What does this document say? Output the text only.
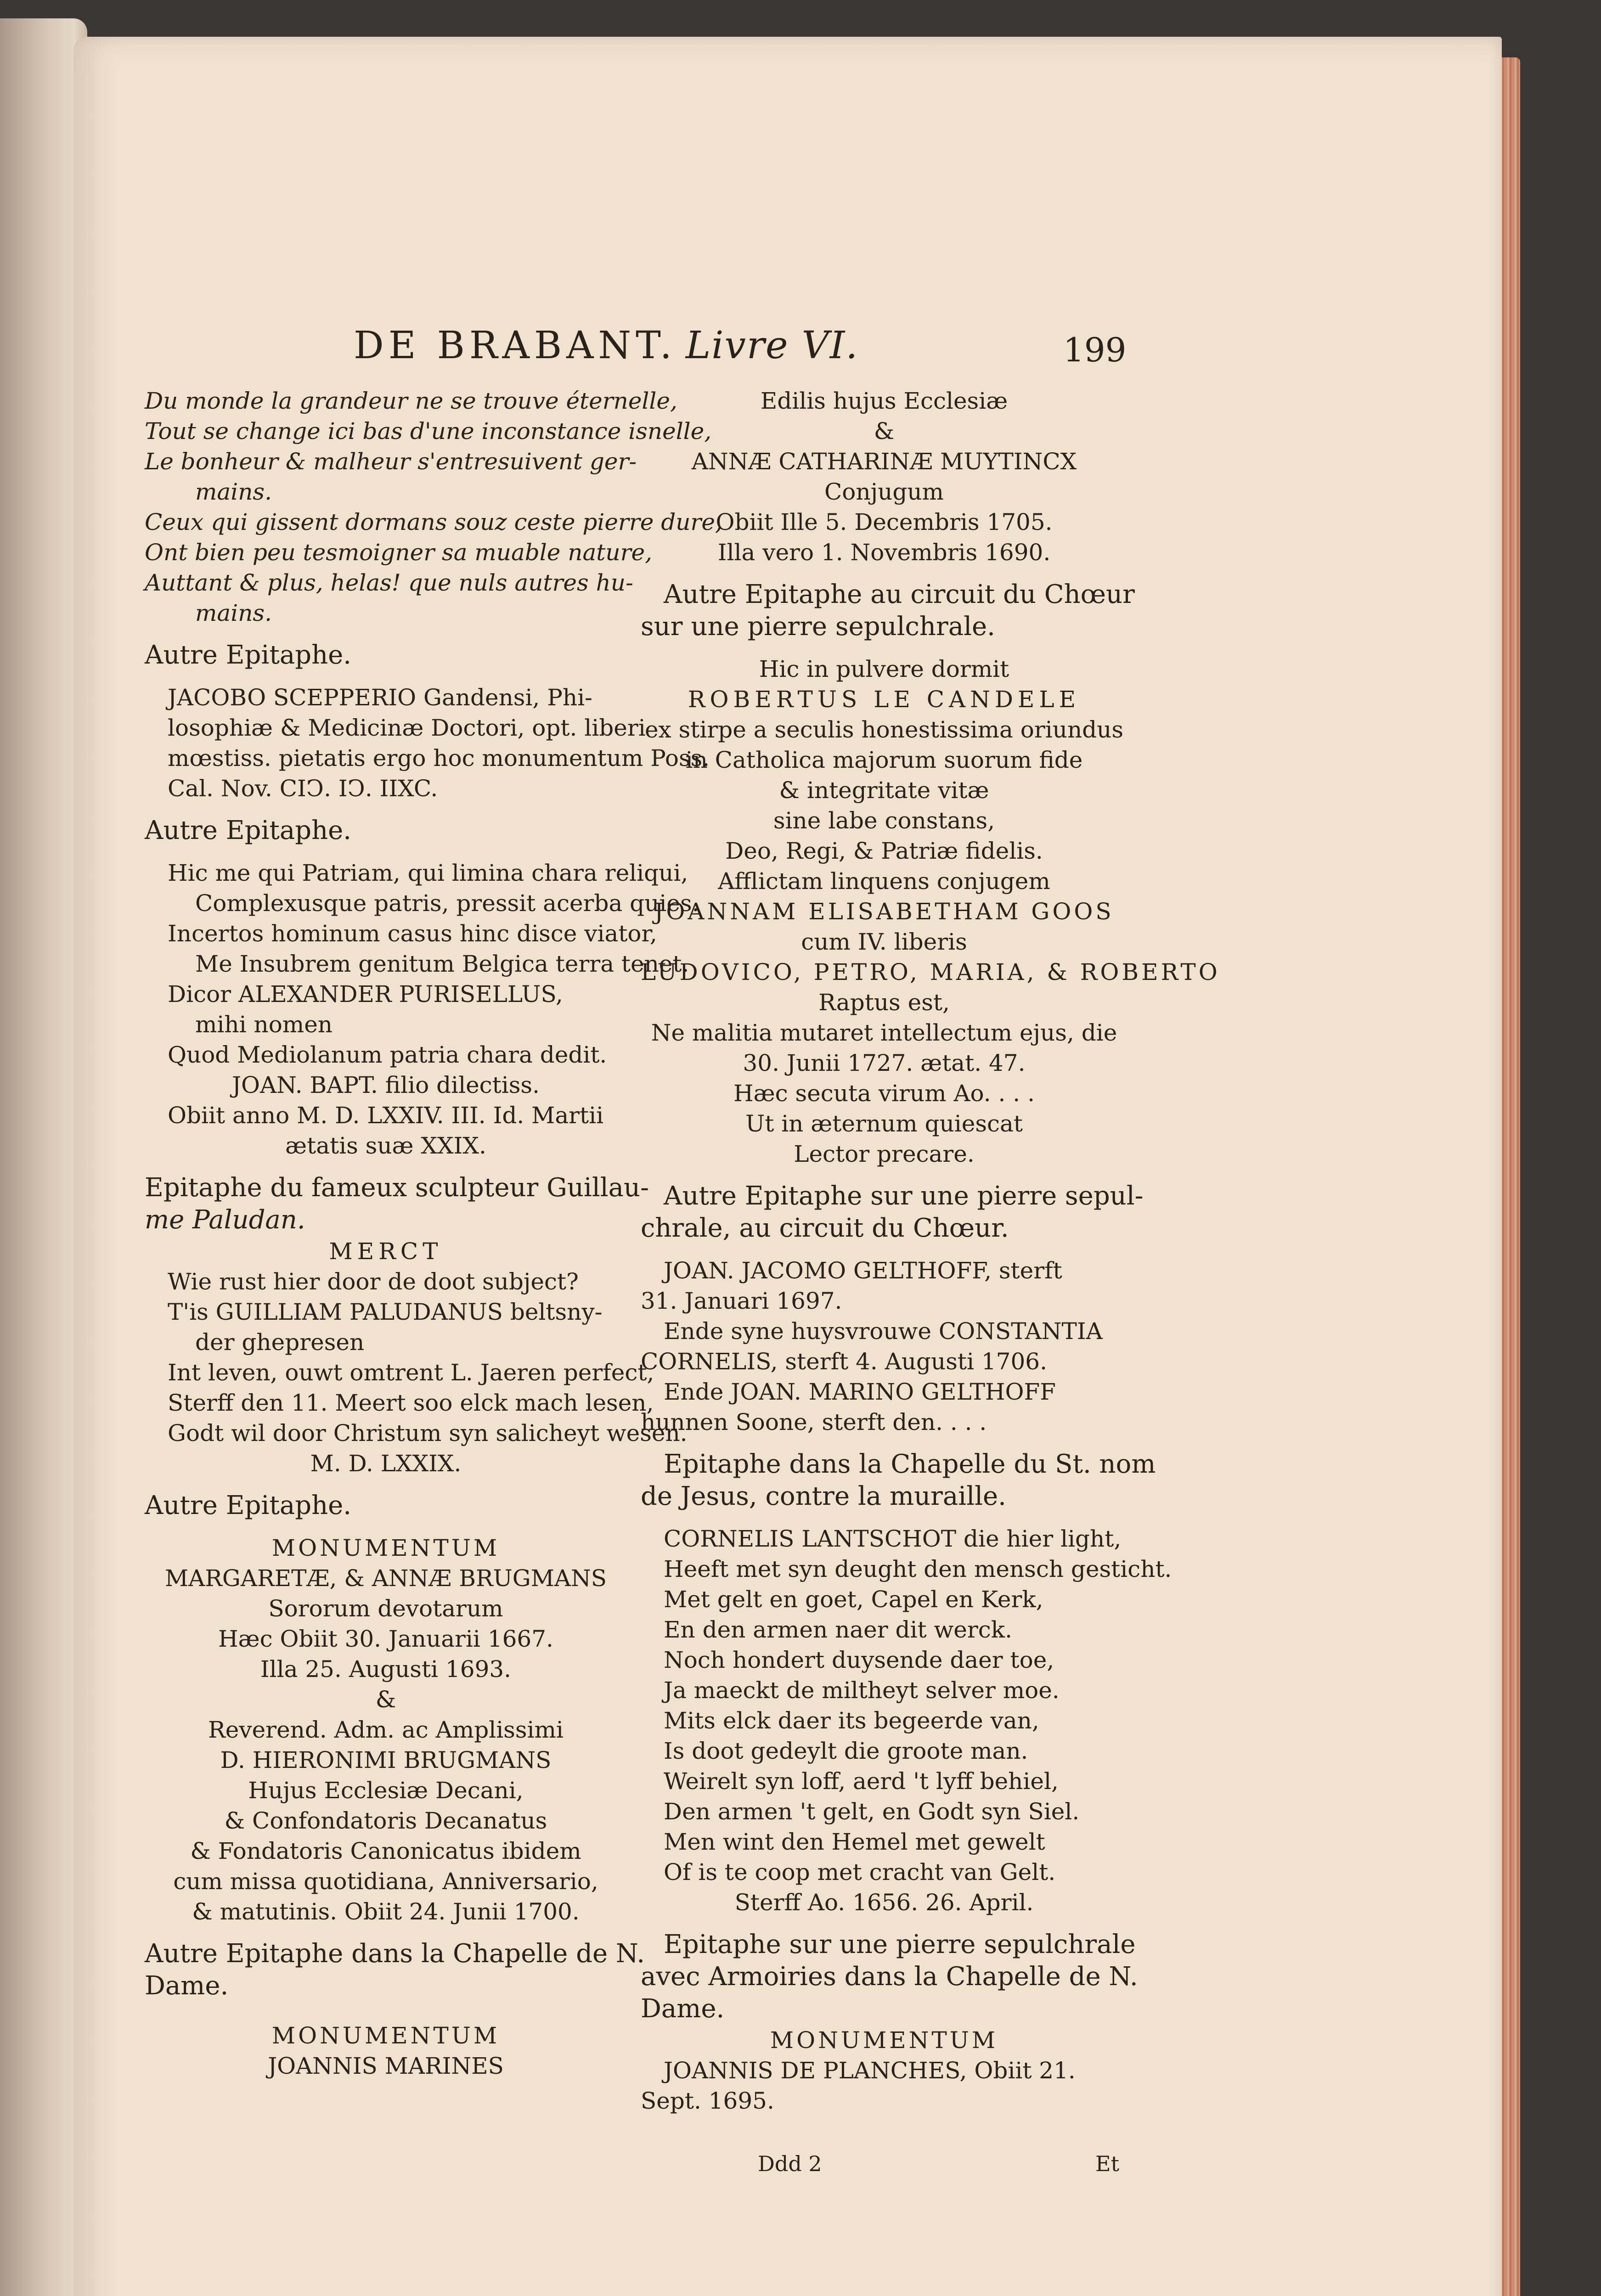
DE BRABANT. Livre VI.	199
Du monde la grandeur ne se trouve éternelle,
Tout se change ici bas d'une inconstance isnelle,
Le bonheur & malheur s'entresuivent ger-
mains.
Ceux qui gissent dormans souz ceste pierre dure,
Ont bien peu tesmoigner sa muable nature,
Auttant & plus, helas! que nuls autres hu-
mains.
Autre Epitaphe.
JACOBO SCEPPERIO Gandensi, Phi-
losophiæ & Medicinæ Doctori, opt. liberi
mœstiss. pietatis ergo hoc monumentum Poss.
Cal. Nov. CIↃ. IↃ. IIXC.
Autre Epitaphe.
Hic me qui Patriam, qui limina chara reliqui,
Complexusque patris, pressit acerba quies.
Incertos hominum casus hinc disce viator,
Me Insubrem genitum Belgica terra tenet.
Dicor ALEXANDER PURISELLUS,
mihi nomen
Quod Mediolanum patria chara dedit.
JOAN. BAPT. filio dilectiss.
Obiit anno M. D. LXXIV. III. Id. Martii
ætatis suæ XXIX.
Epitaphe du fameux sculpteur Guillau-
me Paludan.
MERCT
Wie rust hier door de doot subject?
T'is GUILLIAM PALUDANUS beltsny-
der ghepresen
Int leven, ouwt omtrent L. Jaeren perfect,
Sterff den 11. Meert soo elck mach lesen,
Godt wil door Christum syn salicheyt wesen.
M. D. LXXIX.
Autre Epitaphe.
MONUMENTUM
MARGARETÆ, & ANNÆ BRUGMANS
Sororum devotarum
Hæc Obiit 30. Januarii 1667.
Illa 25. Augusti 1693.
&
Reverend. Adm. ac Amplissimi
D. HIERONIMI BRUGMANS
Hujus Ecclesiæ Decani,
& Confondatoris Decanatus
& Fondatoris Canonicatus ibidem
cum missa quotidiana, Anniversario,
& matutinis. Obiit 24. Junii 1700.
Autre Epitaphe dans la Chapelle de N.
Dame.
MONUMENTUM
JOANNIS MARINES
Edilis hujus Ecclesiæ
&
ANNÆ CATHARINÆ MUYTINCX
Conjugum
Obiit Ille 5. Decembris 1705.
Illa vero 1. Novembris 1690.
Autre Epitaphe au circuit du Chœur
sur une pierre sepulchrale.
Hic in pulvere dormit
ROBERTUS LE CANDELE
ex stirpe a seculis honestissima oriundus
in Catholica majorum suorum fide
& integritate vitæ
sine labe constans,
Deo, Regi, & Patriæ fidelis.
Afflictam linquens conjugem
JOANNAM ELISABETHAM GOOS
cum IV. liberis
LUDOVICO, PETRO, MARIA, & ROBERTO
Raptus est,
Ne malitia mutaret intellectum ejus, die
30. Junii 1727. ætat. 47.
Hæc secuta virum Ao. . . .
Ut in æternum quiescat
Lector precare.
Autre Epitaphe sur une pierre sepul-
chrale, au circuit du Chœur.
JOAN. JACOMO GELTHOFF, sterft
31. Januari 1697.
Ende syne huysvrouwe CONSTANTIA
CORNELIS, sterft 4. Augusti 1706.
Ende JOAN. MARINO GELTHOFF
hunnen Soone, sterft den. . . .
Epitaphe dans la Chapelle du St. nom
de Jesus, contre la muraille.
CORNELIS LANTSCHOT die hier light,
Heeft met syn deught den mensch gesticht.
Met gelt en goet, Capel en Kerk,
En den armen naer dit werck.
Noch hondert duysende daer toe,
Ja maeckt de miltheyt selver moe.
Mits elck daer its begeerde van,
Is doot gedeylt die groote man.
Weirelt syn loff, aerd 't lyff behiel,
Den armen 't gelt, en Godt syn Siel.
Men wint den Hemel met gewelt
Of is te coop met cracht van Gelt.
Sterff Ao. 1656. 26. April.
Epitaphe sur une pierre sepulchrale
avec Armoiries dans la Chapelle de N.
Dame.
MONUMENTUM
JOANNIS DE PLANCHES, Obiit 21.
Sept. 1695.
Ddd 2	Et
